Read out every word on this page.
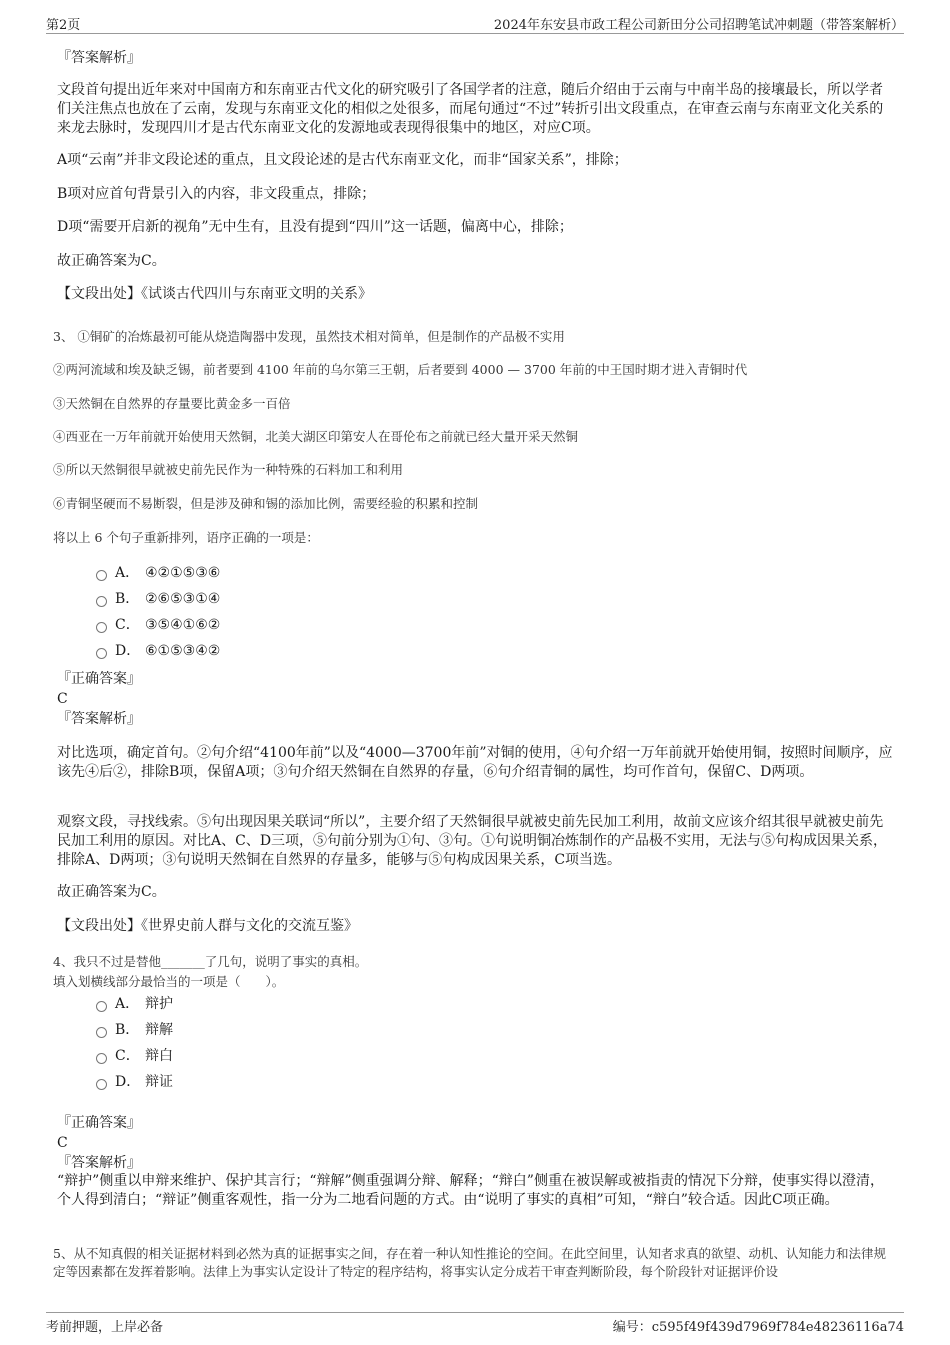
第2页	2024年东安县市政工程公司新田分公司招聘笔试冲刺题（带答案解析）
『答案解析』
文段首句提出近年来对中国南方和东南亚古代文化的研究吸引了各国学者的注意，随后介绍由于云南与中南半岛的接壤最长，所以学者们关注焦点也放在了云南，发现与东南亚文化的相似之处很多，而尾句通过“不过”转折引出文段重点，在审查云南与东南亚文化关系的来龙去脉时，发现四川才是古代东南亚文化的发源地或表现得很集中的地区，对应C项。
A项“云南”并非文段论述的重点，且文段论述的是古代东南亚文化，而非“国家关系”，排除；
B项对应首句背景引入的内容，非文段重点，排除；
D项“需要开启新的视角”无中生有，且没有提到“四川”这一话题，偏离中心，排除；
故正确答案为C。
【文段出处】《试谈古代四川与东南亚文明的关系》
3、 ①铜矿的冶炼最初可能从烧造陶器中发现，虽然技术相对简单，但是制作的产品极不实用
②两河流域和埃及缺乏锡，前者要到 4100 年前的乌尔第三王朝，后者要到 4000 — 3700 年前的中王国时期才进入青铜时代
③天然铜在自然界的存量要比黄金多一百倍
④西亚在一万年前就开始使用天然铜，北美大湖区印第安人在哥伦布之前就已经大量开采天然铜
⑤所以天然铜很早就被史前先民作为一种特殊的石料加工和利用
⑥青铜坚硬而不易断裂，但是涉及砷和锡的添加比例，需要经验的积累和控制
将以上 6 个句子重新排列，语序正确的一项是：
A． ④②①⑤③⑥
B． ②⑥⑤③①④
C． ③⑤④①⑥②
D． ⑥①⑤③④②
『正确答案』
C
『答案解析』
对比选项，确定首句。②句介绍“4100年前”以及“4000—3700年前”对铜的使用，④句介绍一万年前就开始使用铜，按照时间顺序，应该先④后②，排除B项，保留A项；③句介绍天然铜在自然界的存量，⑥句介绍青铜的属性，均可作首句，保留C、D两项。
观察文段，寻找线索。⑤句出现因果关联词“所以”，主要介绍了天然铜很早就被史前先民加工利用，故前文应该介绍其很早就被史前先民加工利用的原因。对比A、C、D三项，⑤句前分别为①句、③句。①句说明铜冶炼制作的产品极不实用，无法与⑤句构成因果关系，排除A、D两项；③句说明天然铜在自然界的存量多，能够与⑤句构成因果关系，C项当选。
故正确答案为C。
【文段出处】《世界史前人群与文化的交流互鉴》
4、我只不过是替他_______了几句，说明了事实的真相。
填入划横线部分最恰当的一项是（　　）。
A． 辩护
B． 辩解
C． 辩白
D． 辩证
『正确答案』
C
『答案解析』
“辩护”侧重以申辩来维护、保护其言行；“辩解”侧重强调分辩、解释；“辩白”侧重在被误解或被指责的情况下分辩，使事实得以澄清，个人得到清白；“辩证”侧重客观性，指一分为二地看问题的方式。由“说明了事实的真相”可知，“辩白”较合适。因此C项正确。
5、从不知真假的相关证据材料到必然为真的证据事实之间，存在着一种认知性推论的空间。在此空间里，认知者求真的欲望、动机、认知能力和法律规定等因素都在发挥着影响。法律上为事实认定设计了特定的程序结构，将事实认定分成若干审查判断阶段，每个阶段针对证据评价设
考前押题，上岸必备	编号：c595f49f439d7969f784e48236116a74
